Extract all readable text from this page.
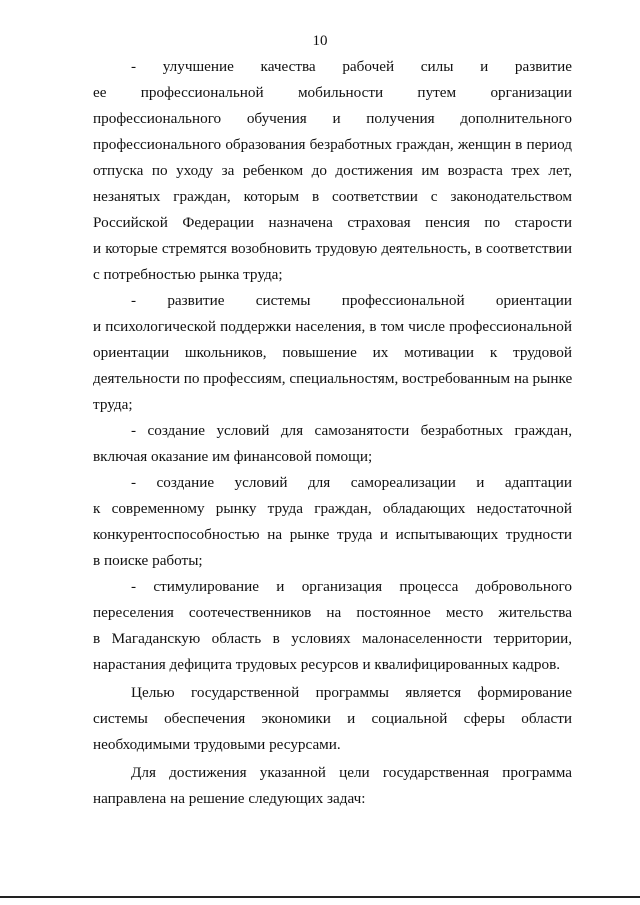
10
- улучшение качества рабочей силы и развитие
ее профессиональной мобильности путем организации
профессионального обучения и получения дополнительного
профессионального образования безработных граждан, женщин в период
отпуска по уходу за ребенком до достижения им возраста трех лет,
незанятых граждан, которым в соответствии с законодательством
Российской Федерации назначена страховая пенсия по старости
и которые стремятся возобновить трудовую деятельность, в соответствии
с потребностью рынка труда;
- развитие системы профессиональной ориентации
и психологической поддержки населения, в том числе профессиональной
ориентации школьников, повышение их мотивации к трудовой
деятельности по профессиям, специальностям, востребованным на рынке
труда;
- создание условий для самозанятости безработных граждан,
включая оказание им финансовой помощи;
- создание условий для самореализации и адаптации
к современному рынку труда граждан, обладающих недостаточной
конкурентоспособностью на рынке труда и испытывающих трудности
в поиске работы;
- стимулирование и организация процесса добровольного
переселения соотечественников на постоянное место жительства
в Магаданскую область в условиях малонаселенности территории,
нарастания дефицита трудовых ресурсов и квалифицированных кадров.
Целью государственной программы является формирование
системы обеспечения экономики и социальной сферы области
необходимыми трудовыми ресурсами.
Для достижения указанной цели государственная программа
направлена на решение следующих задач:
